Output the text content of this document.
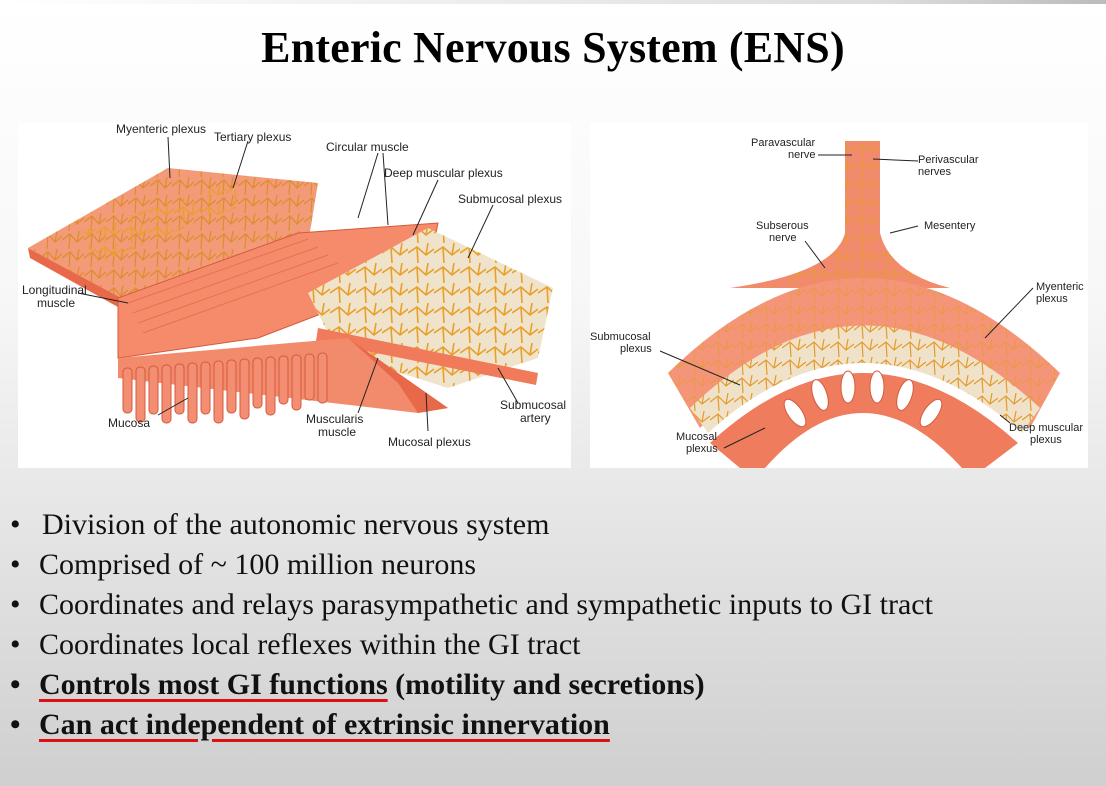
Enteric Nervous System (ENS)
Myenteric plexus
Tertiary plexus
Circular muscle
Deep muscular plexus
Submucosal plexus
Longitudinal
muscle
Mucosa	Muscularis
muscle
Mucosal plexus
Submucosal
artery
Paravascular
nerve	Perivascular
nerves
Subserous
nerve
Mesentery
Myenteric
plexus
Submucosal
plexus
Mucosal
plexus
Deep muscular
plexus
• Division of the autonomic nervous system
• Comprised of ~ 100 million neurons
• Coordinates and relays parasympathetic and sympathetic inputs to GI tract
• Coordinates local reflexes within the GI tract
• Controls most GI functions (motility and secretions)
• Can act independent of extrinsic innervation
